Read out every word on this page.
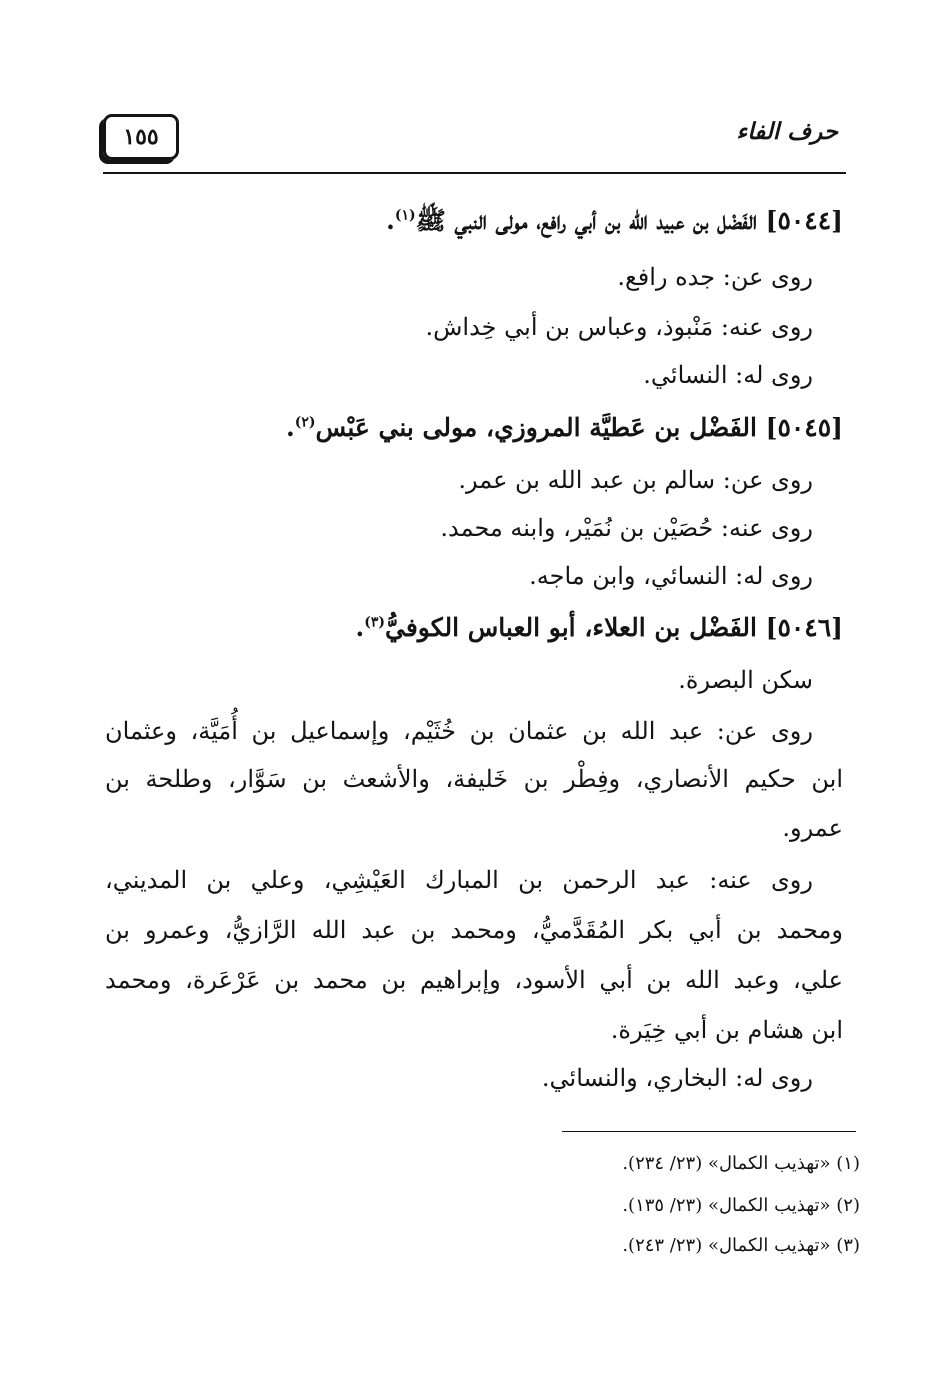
حرف الفاء
١٥٥
[٥٠٤٤] الفَضْل بن عبيد الله بن أبي رافع، مولى النبي ﷺ$^{(١)}$.
روى عن: جده رافع.
روى عنه: مَنْبوذ، وعباس بن أبي خِداش.
روى له: النسائي.
[٥٠٤٥] الفَضْل بن عَطيَّة المروزي، مولى بني عَبْس$^{(٢)}$.
روى عن: سالم بن عبد الله بن عمر.
روى عنه: حُصَيْن بن نُمَيْر، وابنه محمد.
روى له: النسائي، وابن ماجه.
[٥٠٤٦] الفَضْل بن العلاء، أبو العباس الكوفيُّ$^{(٣)}$.
سكن البصرة.
روى عن: عبد الله بن عثمان بن خُثَيْم، وإسماعيل بن أُمَيَّة، وعثمان
ابن حكيم الأنصاري، وفِطْر بن خَليفة، والأشعث بن سَوَّار، وطلحة بن
عمرو.
روى عنه: عبد الرحمن بن المبارك العَيْشِي، وعلي بن المديني،
ومحمد بن أبي بكر المُقَدَّميُّ، ومحمد بن عبد الله الرَّازيُّ، وعمرو بن
علي، وعبد الله بن أبي الأسود، وإبراهيم بن محمد بن عَرْعَرة، ومحمد
ابن هشام بن أبي خِيَرة.
روى له: البخاري، والنسائي.
(١) «تهذيب الكمال» (٢٣/ ٢٣٤).
(٢) «تهذيب الكمال» (٢٣/ ١٣٥).
(٣) «تهذيب الكمال» (٢٣/ ٢٤٣).
